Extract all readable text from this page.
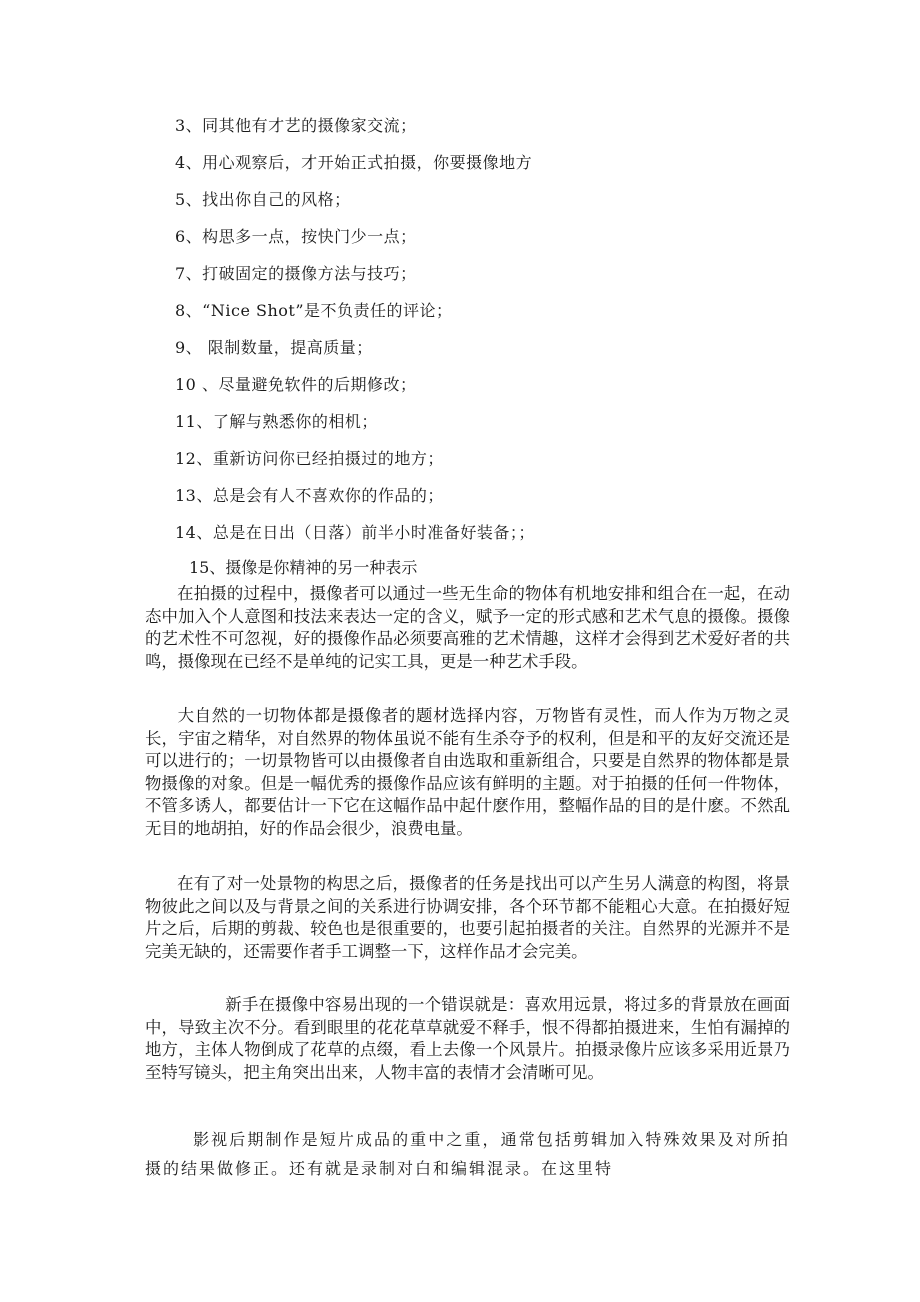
3、同其他有才艺的摄像家交流；
4、用心观察后，才开始正式拍摄，你要摄像地方
5、找出你自己的风格；
6、构思多一点，按快门少一点；
7、打破固定的摄像方法与技巧；
8、“Nice Shot”是不负责任的评论；
9、 限制数量，提高质量；
10 、尽量避免软件的后期修改；
11、了解与熟悉你的相机；
12、重新访问你已经拍摄过的地方；
13、总是会有人不喜欢你的作品的；
14、总是在日出（日落）前半小时准备好装备；；
15、摄像是你精神的另一种表示

在拍摄的过程中，摄像者可以通过一些无生命的物体有机地安排和组合在一起，在动态中加入个人意图和技法来表达一定的含义，赋予一定的形式感和艺术气息的摄像。摄像的艺术性不可忽视，好的摄像作品必须要高雅的艺术情趣，这样才会得到艺术爱好者的共鸣，摄像现在已经不是单纯的记实工具，更是一种艺术手段。

大自然的一切物体都是摄像者的题材选择内容，万物皆有灵性，而人作为万物之灵长，宇宙之精华，对自然界的物体虽说不能有生杀夺予的权利，但是和平的友好交流还是可以进行的；一切景物皆可以由摄像者自由选取和重新组合，只要是自然界的物体都是景物摄像的对象。但是一幅优秀的摄像作品应该有鲜明的主题。对于拍摄的任何一件物体，不管多诱人，都要估计一下它在这幅作品中起什麽作用，整幅作品的目的是什麽。不然乱无目的地胡拍，好的作品会很少，浪费电量。

在有了对一处景物的构思之后，摄像者的任务是找出可以产生另人满意的构图，将景物彼此之间以及与背景之间的关系进行协调安排，各个环节都不能粗心大意。在拍摄好短片之后，后期的剪裁、较色也是很重要的，也要引起拍摄者的关注。自然界的光源并不是完美无缺的，还需要作者手工调整一下，这样作品才会完美。

新手在摄像中容易出现的一个错误就是：喜欢用远景，将过多的背景放在画面中，导致主次不分。看到眼里的花花草草就爱不释手，恨不得都拍摄进来，生怕有漏掉的地方，主体人物倒成了花草的点缀，看上去像一个风景片。拍摄录像片应该多采用近景乃至特写镜头，把主角突出出来，人物丰富的表情才会清晰可见。

影视后期制作是短片成品的重中之重，通常包括剪辑加入特殊效果及对所拍摄的结果做修正。还有就是录制对白和编辑混录。在这里特
